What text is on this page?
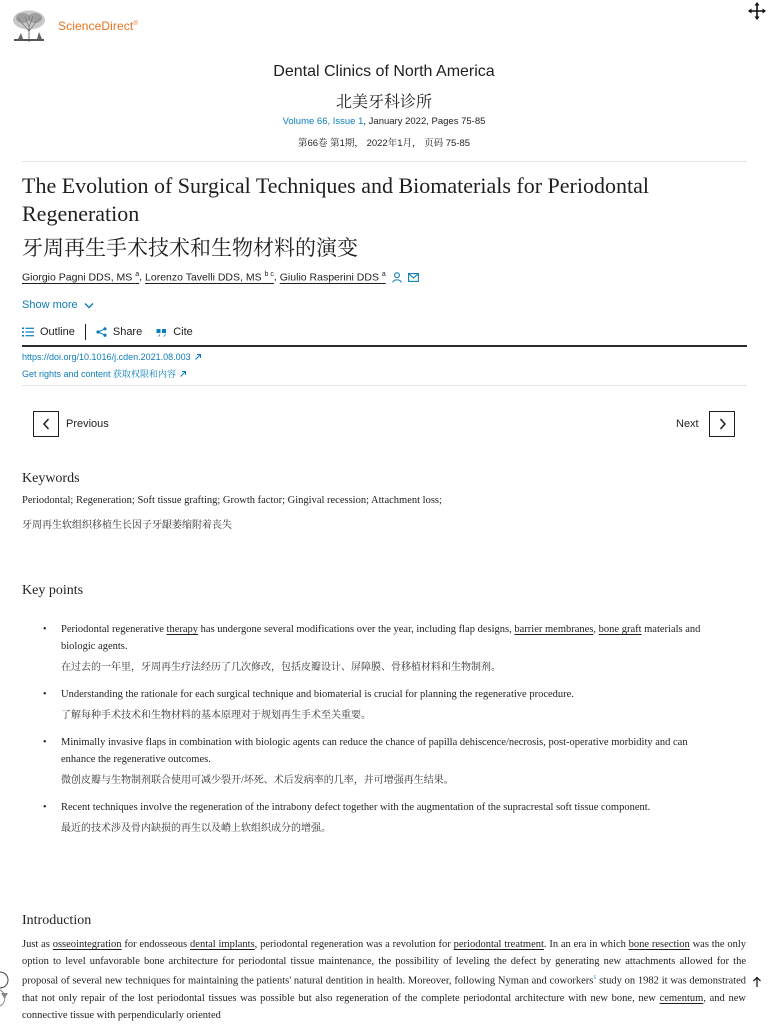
ScienceDirect®
Dental Clinics of North America
北美牙科诊所
Volume 66, Issue 1, January 2022, Pages 75-85
第66卷 第1期， 2022年1月， 页码 75-85
The Evolution of Surgical Techniques and Biomaterials for Periodontal Regeneration
牙周再生手术技术和生物材料的演变
Giorgio Pagni DDS, MS $^a$ , Lorenzo Tavelli DDS, MS $^{b c}$ , Giulio Rasperini DDS $^a$
Show more
Outline	Share	Cite
https://doi.org/10.1016/j.cden.2021.08.003
Get rights and content 获取权限和内容
Previous	Next
Keywords
Periodontal; Regeneration; Soft tissue grafting; Growth factor; Gingival recession; Attachment loss;
牙周再生软组织移植生长因子牙龈萎缩附着丧失
Key points
• Periodontal regenerative therapy has undergone several modifications over the year, including flap designs, barrier membranes, bone graft materials and biologic agents.
在过去的一年里，牙周再生疗法经历了几次修改，包括皮瓣设计、屏障膜、骨移植材料和生物制剂。
• Understanding the rationale for each surgical technique and biomaterial is crucial for planning the regenerative procedure.
了解每种手术技术和生物材料的基本原理对于规划再生手术至关重要。
• Minimally invasive flaps in combination with biologic agents can reduce the chance of papilla dehiscence/necrosis, post-operative morbidity and can enhance the regenerative outcomes.
微创皮瓣与生物制剂联合使用可减少裂开/坏死、术后发病率的几率，并可增强再生结果。
• Recent techniques involve the regeneration of the intrabony defect together with the augmentation of the supracrestal soft tissue component.
最近的技术涉及骨内缺损的再生以及嵴上软组织成分的增强。
Introduction
Just as osseointegration for endosseous dental implants, periodontal regeneration was a revolution for periodontal treatment. In an era in which bone resection was the only option to level unfavorable bone architecture for periodontal tissue maintenance, the possibility of leveling the defect by generating new attachments allowed for the proposal of several new techniques for maintaining the patients' natural dentition in health. Moreover, following Nyman and coworkers$^1$ study on 1982 it was demonstrated that not only repair of the lost periodontal tissues was possible but also regeneration of the complete periodontal architecture with new bone, new cementum, and new connective tissue with perpendicularly oriented
